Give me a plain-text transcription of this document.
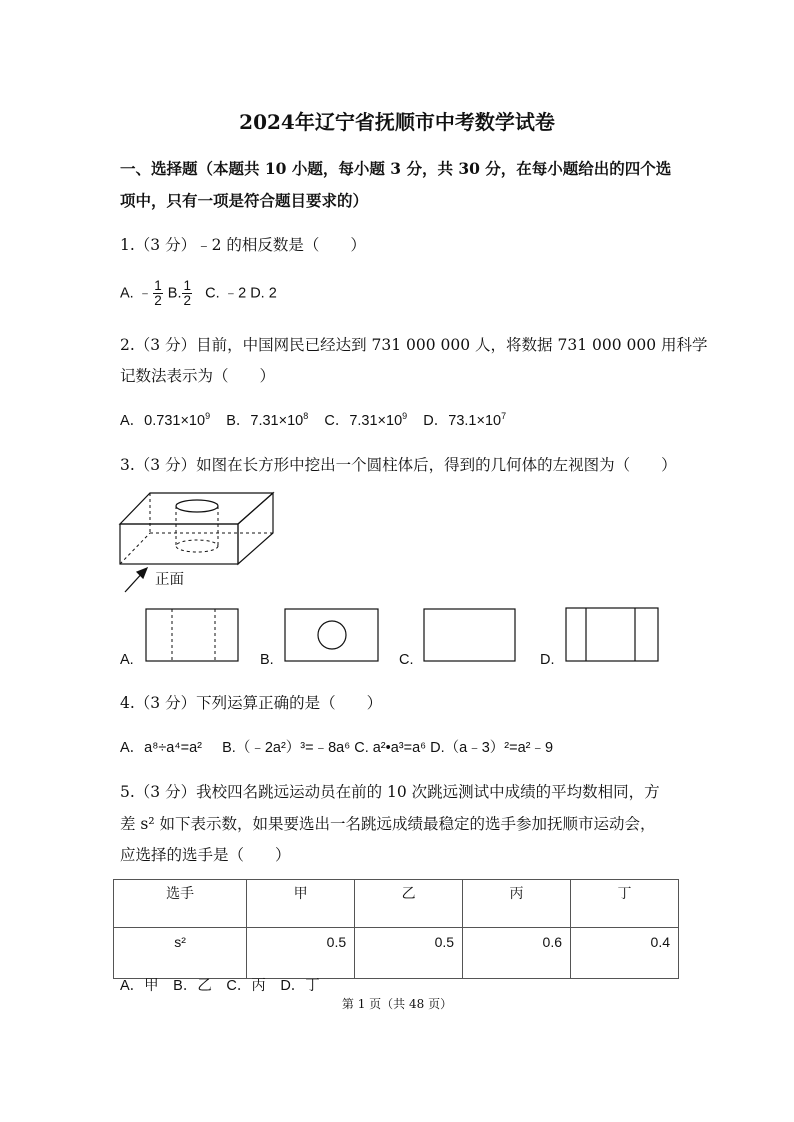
2024年辽宁省抚顺市中考数学试卷
一、选择题（本题共 10 小题，每小题 3 分，共 30 分，在每小题给出的四个选
项中，只有一项是符合题目要求的）
1.（3 分）﹣2 的相反数是（　　）
A. ﹣ $\frac{1}{2} B$. $\frac{1}{2} C$. ﹣2 D. 2
2.（3 分）目前，中国网民已经达到 731 000 000 人，将数据 731 000 000 用科学
记数法表示为（　　）
A．$0.731\times 10^9$ B．$7.31\times 10^8$ C．$7.31\times 10^9$ D．$73.1\times 10^7$
3.（3 分）如图在长方形中挖出一个圆柱体后，得到的几何体的左视图为（　　）
正面
A.	B.	C.	D.
4.（3 分）下列运算正确的是（　　）
A．a⁸÷a⁴=a² B.（﹣2a²）³=﹣8a⁶ C. a²•a³=a⁶ D.（a﹣3）²=a²﹣9
5.（3 分）我校四名跳远运动员在前的 10 次跳远测试中成绩的平均数相同，方
差 s² 如下表示数，如果要选出一名跳远成绩最稳定的选手参加抚顺市运动会，
应选择的选手是（　　）
选手	甲	乙	丙	丁
s²	0.5	0.5	0.6	0.4
A．甲　B．乙　C．丙　D．丁
第 1 页（共 48 页）
